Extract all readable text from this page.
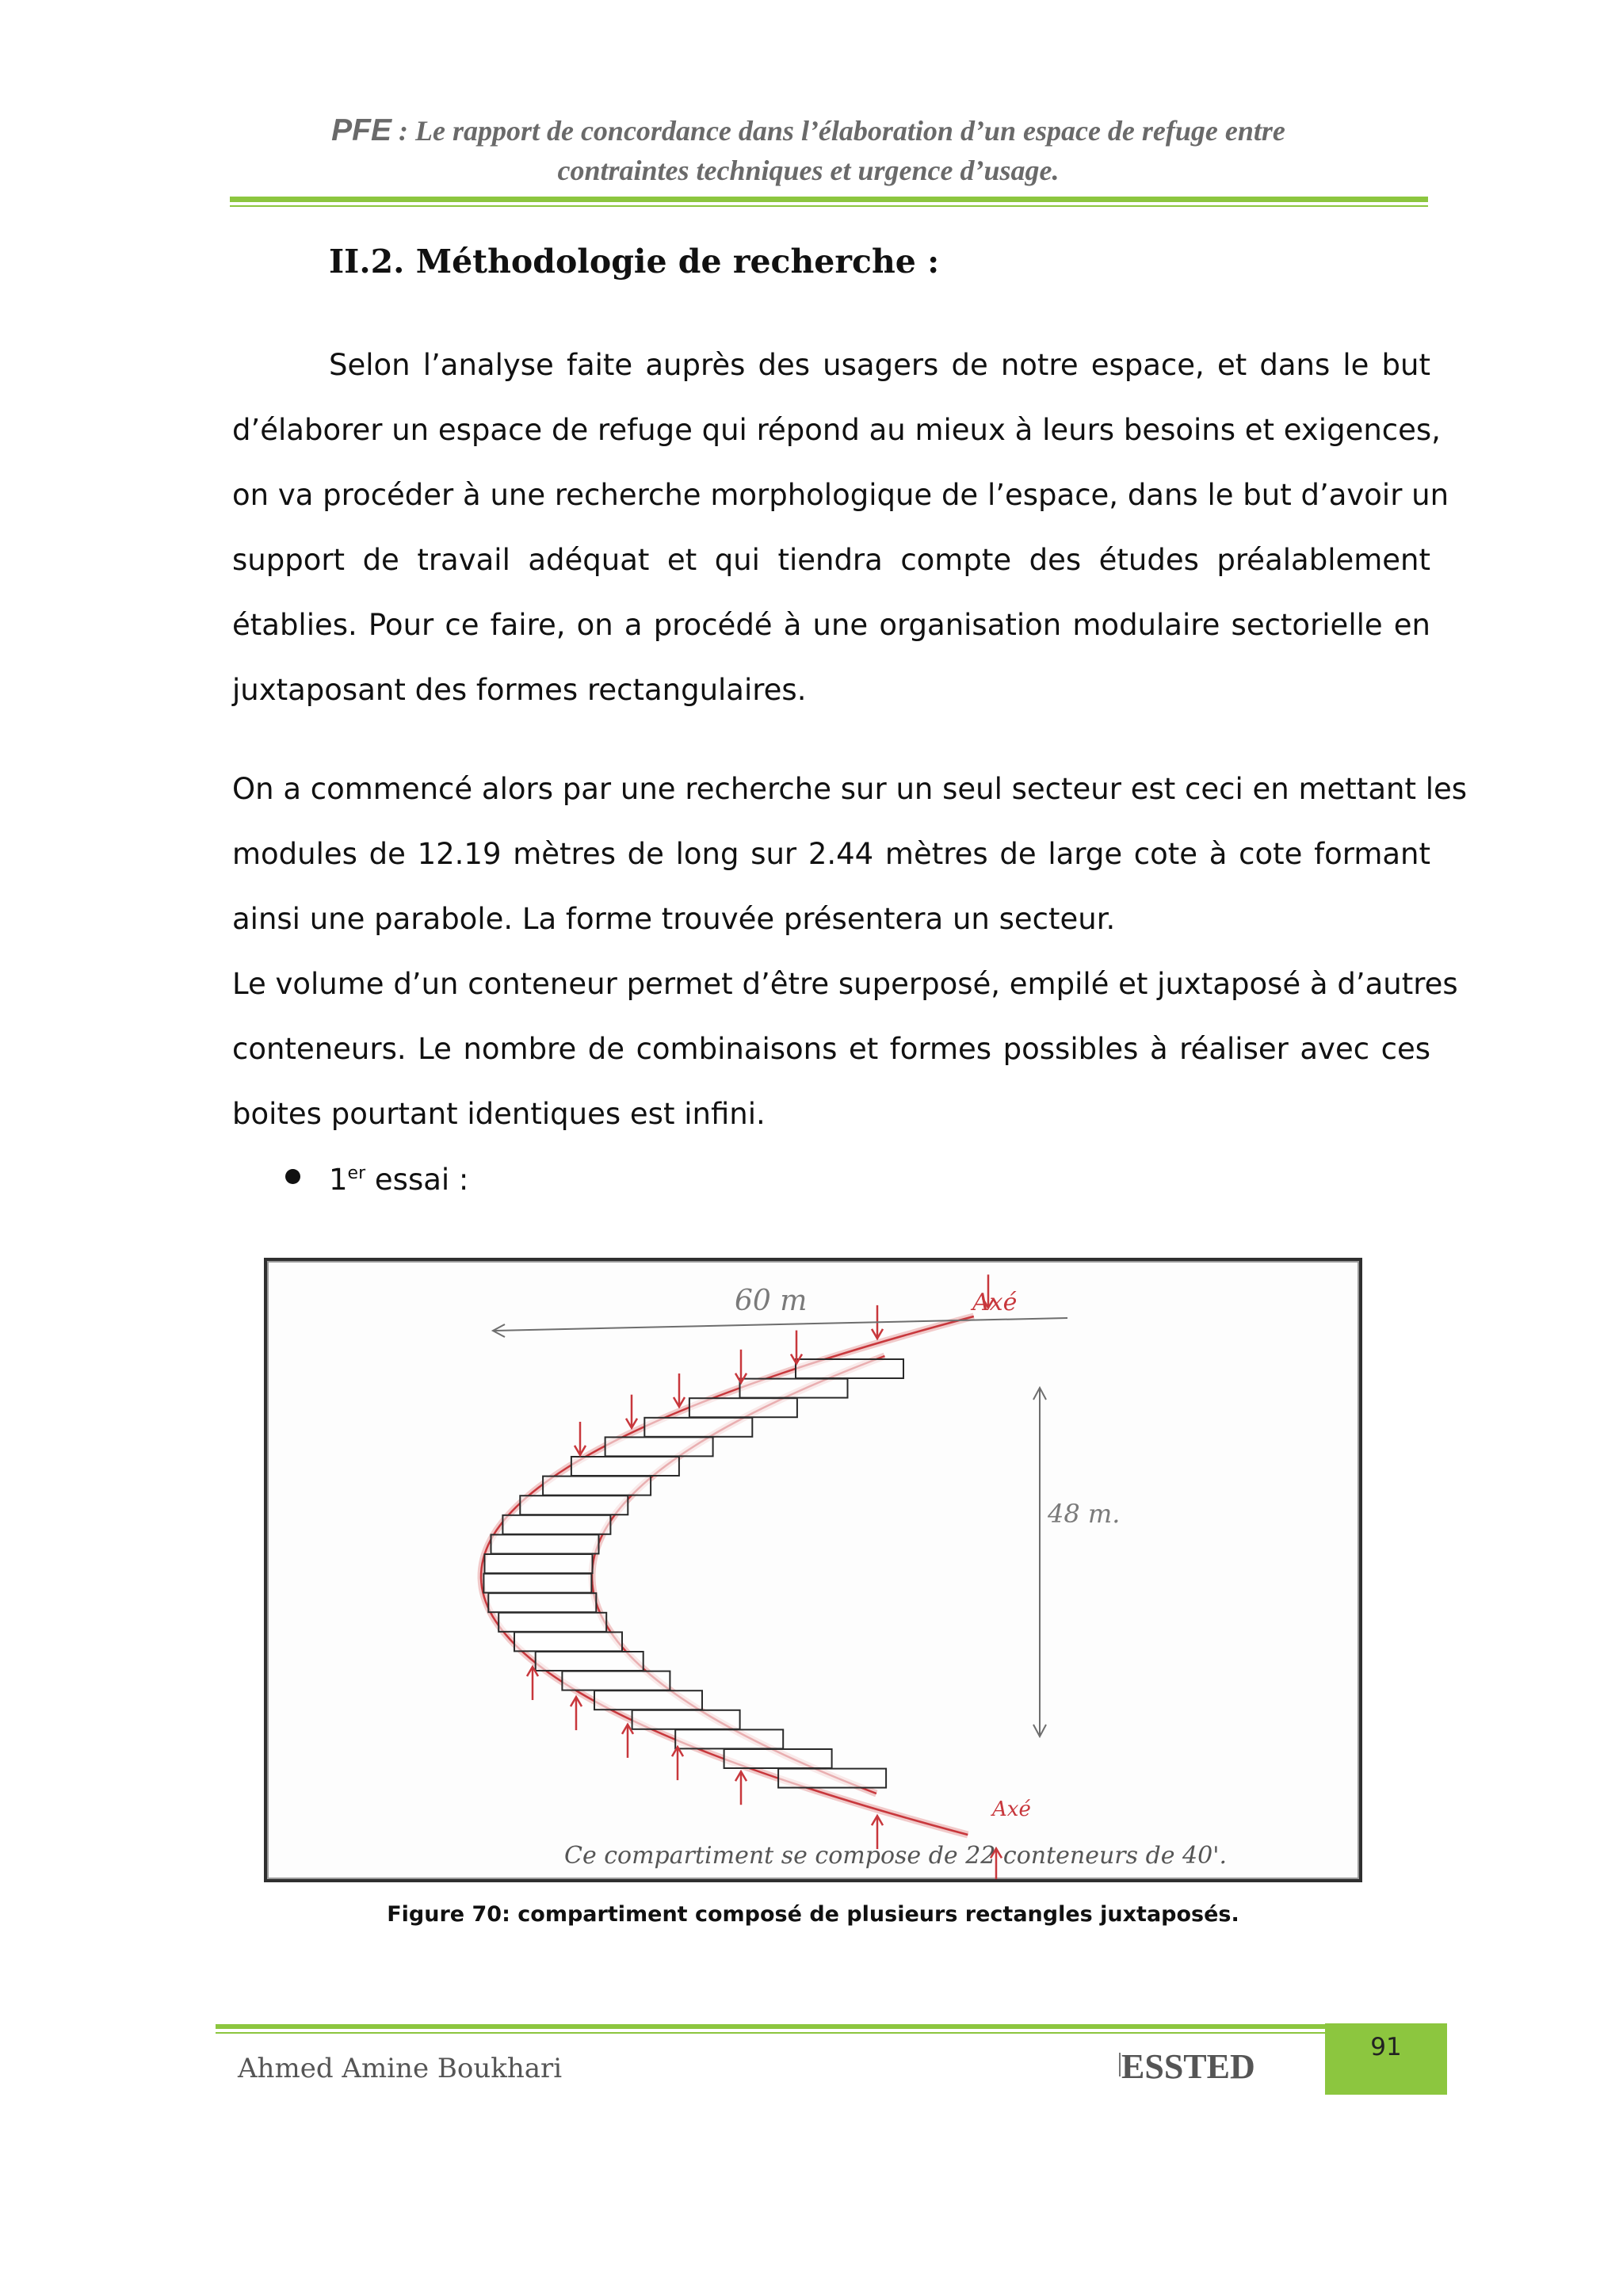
PFE : Le rapport de concordance dans l’élaboration d’un espace de refuge entre
contraintes techniques et urgence d’usage.
II.2. Méthodologie de recherche :
Selon l’analyse faite auprès des usagers de notre espace, et dans le but
d’élaborer un espace de refuge qui répond au mieux à leurs besoins et exigences,
on va procéder à une recherche morphologique de l’espace, dans le but d’avoir un
support de travail adéquat et qui tiendra compte des études préalablement
établies. Pour ce faire, on a procédé à une organisation modulaire sectorielle en
juxtaposant des formes rectangulaires.
On a commencé alors par une recherche sur un seul secteur est ceci en mettant les
modules de 12.19 mètres de long sur 2.44 mètres de large cote à cote formant
ainsi une parabole. La forme trouvée présentera un secteur.
Le volume d’un conteneur permet d’être superposé, empilé et juxtaposé à d’autres
conteneurs. Le nombre de combinaisons et formes possibles à réaliser avec ces
boites pourtant identiques est infini.
1er essai :
60 m
48 m.
Axé
Axé
Ce compartiment se compose de 22 conteneurs de 40'.
Figure 70: compartiment composé de plusieurs rectangles juxtaposés.
Ahmed Amine Boukhari	ESSTED	91
